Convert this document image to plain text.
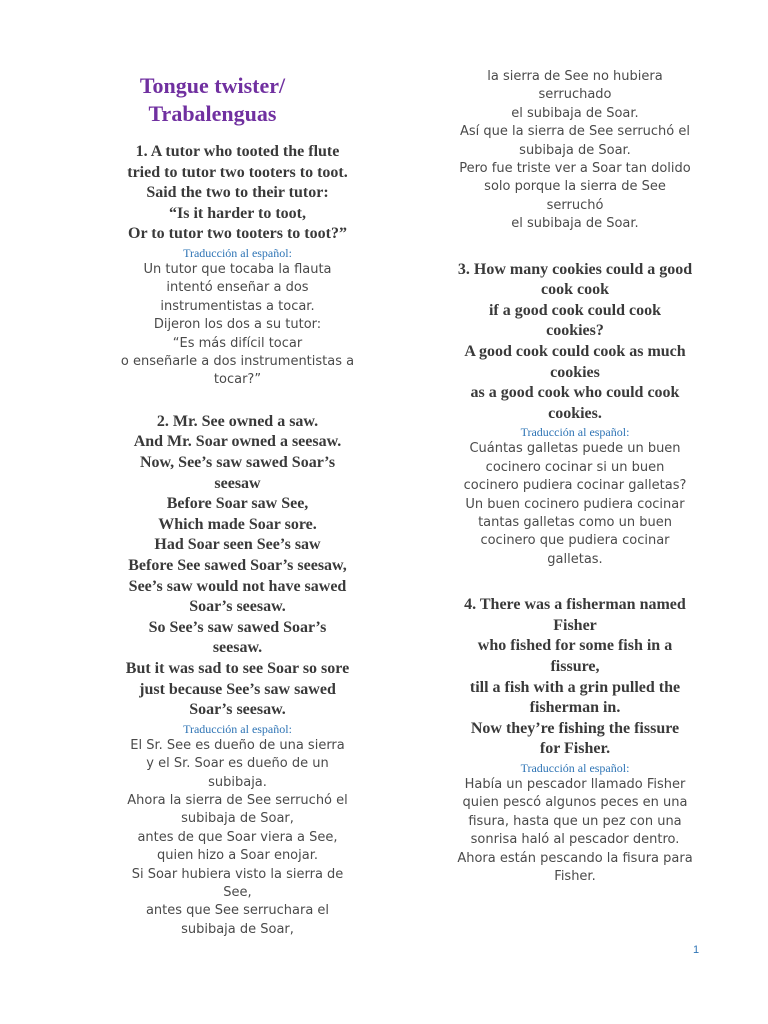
Tongue twister/
Trabalenguas
1. A tutor who tooted the flute
tried to tutor two tooters to toot.
Said the two to their tutor:
“Is it harder to toot,
Or to tutor two tooters to toot?”
Traducción al español:
Un tutor que tocaba la flauta
intentó enseñar a dos
instrumentistas a tocar.
Dijeron los dos a su tutor:
“Es más difícil tocar
o enseñarle a dos instrumentistas a
tocar?”
2. Mr. See owned a saw.
And Mr. Soar owned a seesaw.
Now, See’s saw sawed Soar’s
seesaw
Before Soar saw See,
Which made Soar sore.
Had Soar seen See’s saw
Before See sawed Soar’s seesaw,
See’s saw would not have sawed
Soar’s seesaw.
So See’s saw sawed Soar’s
seesaw.
But it was sad to see Soar so sore
just because See’s saw sawed
Soar’s seesaw.
Traducción al español:
El Sr. See es dueño de una sierra
y el Sr. Soar es dueño de un
subibaja.
Ahora la sierra de See serruchó el
subibaja de Soar,
antes de que Soar viera a See,
quien hizo a Soar enojar.
Si Soar hubiera visto la sierra de
See,
antes que See serruchara el
subibaja de Soar,
la sierra de See no hubiera
serruchado
el subibaja de Soar.
Así que la sierra de See serruchó el
subibaja de Soar.
Pero fue triste ver a Soar tan dolido
solo porque la sierra de See
serruchó
el subibaja de Soar.
3. How many cookies could a good
cook cook
if a good cook could cook
cookies?
A good cook could cook as much
cookies
as a good cook who could cook
cookies.
Traducción al español:
Cuántas galletas puede un buen
cocinero cocinar si un buen
cocinero pudiera cocinar galletas?
Un buen cocinero pudiera cocinar
tantas galletas como un buen
cocinero que pudiera cocinar
galletas.
4. There was a fisherman named
Fisher
who fished for some fish in a
fissure,
till a fish with a grin pulled the
fisherman in.
Now they’re fishing the fissure
for Fisher.
Traducción al español:
Había un pescador llamado Fisher
quien pescó algunos peces en una
fisura, hasta que un pez con una
sonrisa haló al pescador dentro.
Ahora están pescando la fisura para
Fisher.
1
